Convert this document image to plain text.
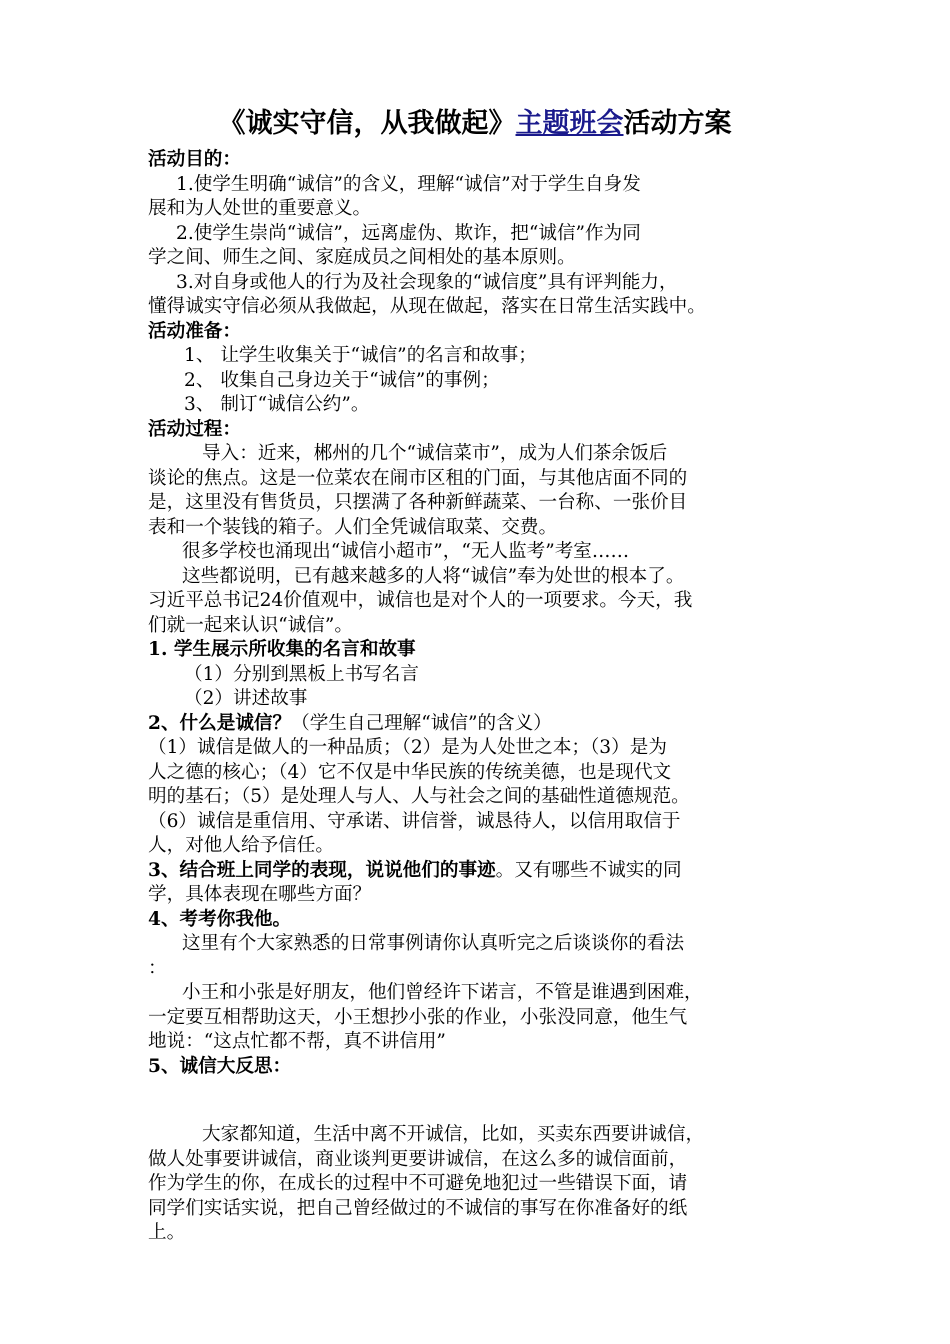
《诚实守信，从我做起》主题班会活动方案
活动目的：
1.使学生明确“诚信”的含义，理解“诚信”对于学生自身发
展和为人处世的重要意义。
2.使学生崇尚“诚信”，远离虚伪、欺诈，把“诚信”作为同
学之间、师生之间、家庭成员之间相处的基本原则。
3.对自身或他人的行为及社会现象的“诚信度”具有评判能力，
懂得诚实守信必须从我做起，从现在做起，落实在日常生活实践中。
活动准备：
1、 让学生收集关于“诚信”的名言和故事；
2、 收集自己身边关于“诚信”的事例；
3、 制订“诚信公约”。
活动过程：
导入：近来，郴州的几个“诚信菜市”，成为人们茶余饭后
谈论的焦点。这是一位菜农在闹市区租的门面，与其他店面不同的
是，这里没有售货员，只摆满了各种新鲜蔬菜、一台称、一张价目
表和一个装钱的箱子。人们全凭诚信取菜、交费。
很多学校也涌现出“诚信小超市”，“无人监考”考室……
这些都说明，已有越来越多的人将“诚信”奉为处世的根本了。
习近平总书记24价值观中，诚信也是对个人的一项要求。今天，我
们就一起来认识“诚信”。
1. 学生展示所收集的名言和故事
（1）分别到黑板上书写名言
（2）讲述故事
2、什么是诚信？（学生自己理解“诚信”的含义）
（1）诚信是做人的一种品质；（2）是为人处世之本；（3）是为
人之德的核心；（4）它不仅是中华民族的传统美德，也是现代文
明的基石；（5）是处理人与人、人与社会之间的基础性道德规范。
（6）诚信是重信用、守承诺、讲信誉，诚恳待人，以信用取信于
人，对他人给予信任。
3、结合班上同学的表现，说说他们的事迹。又有哪些不诚实的同
学，具体表现在哪些方面？
4、考考你我他。
这里有个大家熟悉的日常事例请你认真听完之后谈谈你的看法
：
小王和小张是好朋友，他们曾经许下诺言，不管是谁遇到困难，
一定要互相帮助这天，小王想抄小张的作业，小张没同意，他生气
地说：“这点忙都不帮，真不讲信用”
5、诚信大反思：
大家都知道，生活中离不开诚信，比如，买卖东西要讲诚信，
做人处事要讲诚信，商业谈判更要讲诚信，在这么多的诚信面前，
作为学生的你，在成长的过程中不可避免地犯过一些错误下面，请
同学们实话实说，把自己曾经做过的不诚信的事写在你准备好的纸
上。
